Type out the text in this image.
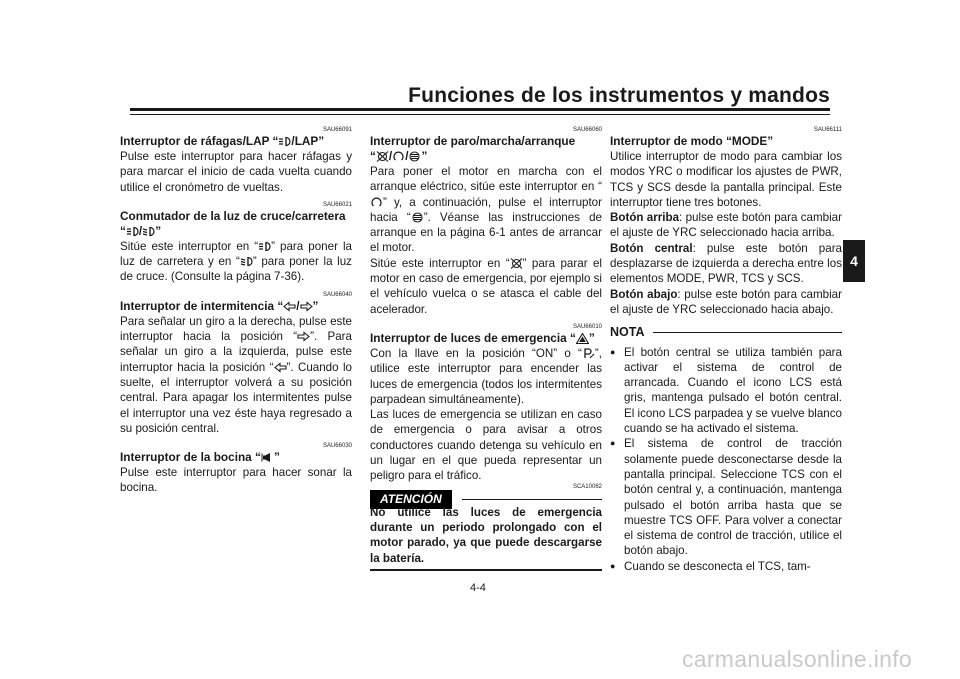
Funciones de los instrumentos y mandos
4
SAU66091
Interruptor de ráfagas/LAP “ /LAP”
Pulse este interruptor para hacer ráfagas y para marcar el inicio de cada vuelta cuando utilice el cronómetro de vueltas.
SAU66021
Conmutador de la luz de cruce/carretera
“ / ”
Sitúe este interruptor en “ ” para poner la luz de carretera y en “ ” para poner la luz de cruce. (Consulte la página 7-36).
SAU66040
Interruptor de intermitencia “ / ”
Para señalar un giro a la derecha, pulse este interruptor hacia la posición “ ”. Para señalar un giro a la izquierda, pulse este interruptor hacia la posición “ ”. Cuando lo suelte, el interruptor volverá a su posición central. Para apagar los intermitentes pulse el interruptor una vez éste haya regresado a su posición central.
SAU66030
Interruptor de la bocina “ ”
Pulse este interruptor para hacer sonar la bocina.
SAU66060
Interruptor de paro/marcha/arranque
“ / / ”
Para poner el motor en marcha con el arranque eléctrico, sitúe este interruptor en “” y, a continuación, pulse el interruptor hacia “ ”. Véanse las instrucciones de arranque en la página 6-1 antes de arrancar el motor.
Sitúe este interruptor en “ ” para parar el motor en caso de emergencia, por ejemplo si el vehículo vuelca o se atasca el cable del acelerador.
SAU66010
Interruptor de luces de emergencia “ ”
Con la llave en la posición “ON” o “ ”, utilice este interruptor para encender las luces de emergencia (todos los intermitentes parpadean simultáneamente).
Las luces de emergencia se utilizan en caso de emergencia o para avisar a otros conductores cuando detenga su vehículo en un lugar en el que pueda representar un peligro para el tráfico.
ATENCIÓN
SCA10062
No utilice las luces de emergencia durante un periodo prolongado con el motor parado, ya que puede descargarse la batería.
SAU66111
Interruptor de modo “MODE”
Utilice interruptor de modo para cambiar los modos YRC o modificar los ajustes de PWR, TCS y SCS desde la pantalla principal. Este interruptor tiene tres botones.
Botón arriba: pulse este botón para cambiar el ajuste de YRC seleccionado hacia arriba.
Botón central: pulse este botón para desplazarse de izquierda a derecha entre los elementos MODE, PWR, TCS y SCS.
Botón abajo: pulse este botón para cambiar el ajuste de YRC seleccionado hacia abajo.
NOTA
● El botón central se utiliza también para activar el sistema de control de arrancada. Cuando el icono LCS está gris, mantenga pulsado el botón central. El icono LCS parpadea y se vuelve blanco cuando se ha activado el sistema.
● El sistema de control de tracción solamente puede desconectarse desde la pantalla principal. Seleccione TCS con el botón central y, a continuación, mantenga pulsado el botón arriba hasta que se muestre TCS OFF. Para volver a conectar el sistema de control de tracción, utilice el botón abajo.
● Cuando se desconecta el TCS, tam-
4-4
carmanualsonline.info
